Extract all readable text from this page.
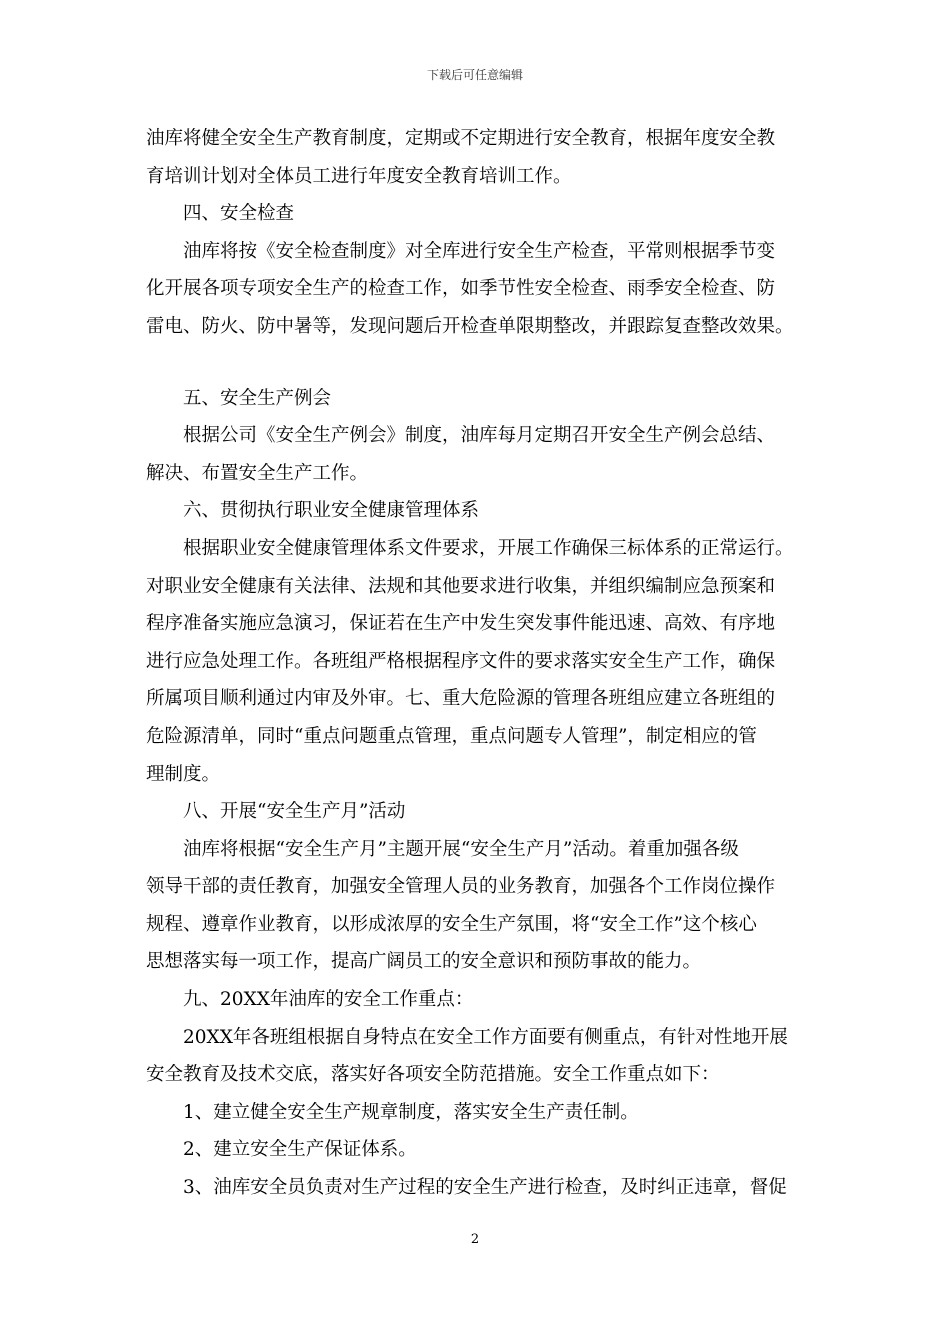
下载后可任意编辑
油库将健全安全生产教育制度，定期或不定期进行安全教育，根据年度安全教
育培训计划对全体员工进行年度安全教育培训工作。
　　四、安全检查
　　油库将按《安全检查制度》对全库进行安全生产检查，平常则根据季节变
化开展各项专项安全生产的检查工作，如季节性安全检查、雨季安全检查、防
雷电、防火、防中暑等，发现问题后开检查单限期整改，并跟踪复查整改效果。
　　五、安全生产例会
　　根据公司《安全生产例会》制度，油库每月定期召开安全生产例会总结、
解决、布置安全生产工作。
　　六、贯彻执行职业安全健康管理体系
　　根据职业安全健康管理体系文件要求，开展工作确保三标体系的正常运行。
对职业安全健康有关法律、法规和其他要求进行收集，并组织编制应急预案和
程序准备实施应急演习，保证若在生产中发生突发事件能迅速、高效、有序地
进行应急处理工作。各班组严格根据程序文件的要求落实安全生产工作，确保
所属项目顺利通过内审及外审。七、重大危险源的管理各班组应建立各班组的
危险源清单，同时“重点问题重点管理，重点问题专人管理”，制定相应的管
理制度。
　　八、开展“安全生产月”活动
　　油库将根据“安全生产月”主题开展“安全生产月”活动。着重加强各级
领导干部的责任教育，加强安全管理人员的业务教育，加强各个工作岗位操作
规程、遵章作业教育，以形成浓厚的安全生产氛围，将“安全工作”这个核心
思想落实每一项工作，提高广阔员工的安全意识和预防事故的能力。
　　九、20XX年油库的安全工作重点：
　　20XX年各班组根据自身特点在安全工作方面要有侧重点，有针对性地开展
安全教育及技术交底，落实好各项安全防范措施。安全工作重点如下：
　　1、建立健全安全生产规章制度，落实安全生产责任制。
　　2、建立安全生产保证体系。
　　3、油库安全员负责对生产过程的安全生产进行检查，及时纠正违章，督促
2
